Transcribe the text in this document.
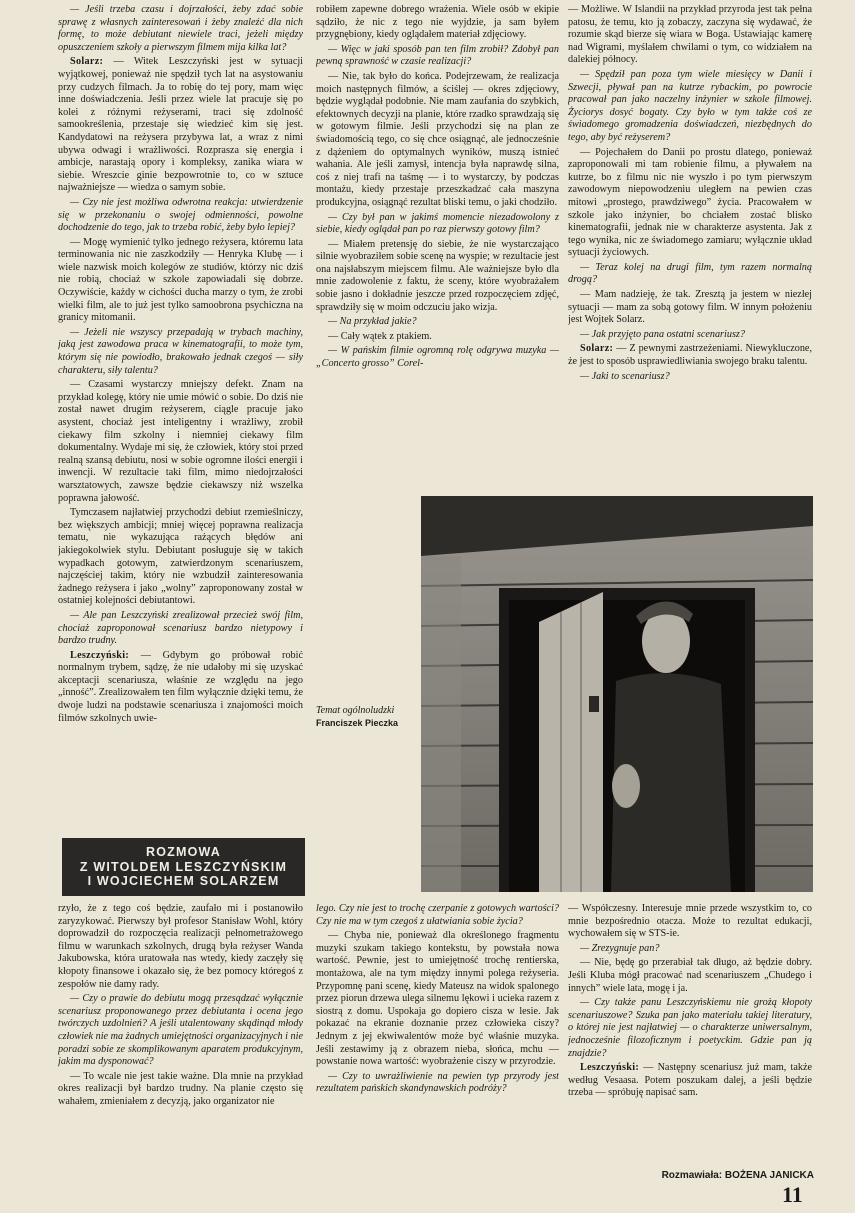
— Jeśli trzeba czasu i dojrzałości, żeby zdać sobie sprawę z własnych zainteresowań i żeby znaleźć dla nich formę, to może debiutant niewiele traci, jeżeli między opuszczeniem szkoły a pierwszym filmem mija kilka lat?

Solarz: — Witek Leszczyński jest w sytuacji wyjątkowej, ponieważ nie spędził tych lat na asystowaniu przy cudzych filmach. Ja to robię do tej pory, mam więc inne doświadczenia. Jeśli przez wiele lat pracuje się po kolei z różnymi reżyserami, traci się zdolność samookreślenia, przestaje się wiedzieć kim się jest. Kandydatowi na reżysera przybywa lat, a wraz z nimi ubywa odwagi i wrażliwości. Rozprasza się energia i ambicje, narastają opory i kompleksy, zanika wiara w siebie. Wreszcie ginie bezpowrotnie to, co w sztuce najważniejsze — wiedza o samym sobie.

— Czy nie jest możliwa odwrotna reakcja: utwierdzenie się w przekonaniu o swojej odmienności, powolne dochodzenie do tego, jak to trzeba robić, żeby było lepiej?

— Mogę wymienić tylko jednego reżysera, któremu lata terminowania nic nie zaszkodziły — Henryka Klubę — i wiele nazwisk moich kolegów ze studiów, którzy nic dziś nie robią, chociaż w szkole zapowiadali się dobrze. Oczywiście, każdy w cichości ducha marzy o tym, że zrobi wielki film, ale to już jest tylko samoobrona psychiczna na granicy mitomanii.

— Jeżeli nie wszyscy przepadają w trybach machiny, jaką jest zawodowa praca w kinematografii, to może tym, którym się nie powiodło, brakowało jednak czegoś — siły charakteru, siły talentu?

— Czasami wystarczy mniejszy defekt. Znam na przykład kolegę, który nie umie mówić o sobie. Do dziś nie został nawet drugim reżyserem, ciągle pracuje jako asystent, chociaż jest inteligentny i wrażliwy, zrobił ciekawy film szkolny i niemniej ciekawy film dokumentalny. Wydaje mi się, że człowiek, który stoi przed realną szansą debiutu, nosi w sobie ogromne ilości energii i inwencji. W rezultacie taki film, mimo niedojrzałości warsztatowych, zawsze będzie ciekawszy niż wszelka poprawna jałowość.

Tymczasem najłatwiej przychodzi debiut rzemieślniczy, bez większych ambicji; mniej więcej poprawna realizacja tematu, nie wykazująca rażących błędów ani jakiegokolwiek stylu. Debiutant posługuje się w takich wypadkach gotowym, zatwierdzonym scenariuszem, najczęściej takim, który nie wzbudził zainteresowania żadnego reżysera i jako „wolny” zaproponowany został w ostatniej kolejności debiutantowi.

— Ale pan Leszczyński zrealizował przecież swój film, chociaż zaproponował scenariusz bardzo nietypowy i bardzo trudny.

Leszczyński: — Gdybym go próbował robić normalnym trybem, sądzę, że nie udałoby mi się uzyskać akceptacji scenariusza, właśnie ze względu na jego „inność”. Zrealizowałem ten film wyłącznie dzięki temu, że dwoje ludzi na podstawie scenariusza i znajomości moich filmów szkolnych uwie-

robiłem zapewne dobrego wrażenia. Wiele osób w ekipie sądziło, że nic z tego nie wyjdzie, ja sam byłem przygnębiony, kiedy oglądałem materiał zdjęciowy.

— Więc w jaki sposób pan ten film zrobił? Zdobył pan pewną sprawność w czasie realizacji?

— Nie, tak było do końca. Podejrzewam, że realizacja moich następnych filmów, a ściślej — okres zdjęciowy, będzie wyglądał podobnie. Nie mam zaufania do szybkich, efektownych decyzji na planie, które rzadko sprawdzają się w gotowym filmie. Jeśli przychodzi się na plan ze świadomością tego, co się chce osiągnąć, ale jednocześnie z dążeniem do optymalnych wyników, muszą istnieć wahania. Ale jeśli zamysł, intencja była naprawdę silna, coś z niej trafi na taśmę — i to wystarczy, by podczas montażu, kiedy przestaje przeszkadzać cała maszyna produkcyjna, osiągnąć rezultat bliski temu, o jaki chodziło.

— Czy był pan w jakimś momencie niezadowolony z siebie, kiedy oglądał pan po raz pierwszy gotowy film?

— Miałem pretensję do siebie, że nie wystarczająco silnie wyobraziłem sobie scenę na wyspie; w rezultacie jest ona najsłabszym miejscem filmu. Ale ważniejsze było dla mnie zadowolenie z faktu, że sceny, które wyobrażałem sobie jasno i dokładnie jeszcze przed rozpoczęciem zdjęć, sprawdziły się w moim odczuciu jako wizja.

— Na przykład jakie?

— Cały wątek z ptakiem.

— W pańskim filmie ogromną rolę odgrywa muzyka — „Concerto grosso” Corel-

— Możliwe. W Islandii na przykład przyroda jest tak pełna patosu, że temu, kto ją zobaczy, zaczyna się wydawać, że rozumie skąd bierze się wiara w Boga. Ustawiając kamerę nad Wigrami, myślałem chwilami o tym, co widziałem na dalekiej północy.

— Spędził pan poza tym wiele miesięcy w Danii i Szwecji, pływał pan na kutrze rybackim, po powrocie pracował pan jako naczelny inżynier w szkole filmowej. Życiorys dosyć bogaty. Czy było w tym także coś ze świadomego gromadzenia doświadczeń, niezbędnych do tego, aby być reżyserem?

— Pojechałem do Danii po prostu dlatego, ponieważ zaproponowali mi tam robienie filmu, a pływałem na kutrze, bo z filmu nic nie wyszło i po tym pierwszym zawodowym niepowodzeniu uległem na pewien czas mitowi „prostego, prawdziwego” życia. Pracowałem w szkole jako inżynier, bo chciałem zostać blisko kinematografii, jednak nie w charakterze asystenta. Jak z tego wynika, nic ze świadomego zamiaru; wyłącznie układ sytuacji życiowych.

— Teraz kolej na drugi film, tym razem normalną drogą?

— Mam nadzieję, że tak. Zresztą ja jestem w niezłej sytuacji — mam za sobą gotowy film. W innym położeniu jest Wojtek Solarz.

— Jak przyjęto pana ostatni scenariusz?

Solarz: — Z pewnymi zastrzeżeniami. Niewykluczone, że jest to sposób usprawiedliwiania swojego braku talentu.

— Jaki to scenariusz?

Temat ogólnoludzki
Franciszek Pieczka
ROZMOWA
Z WITOLDEM LESZCZYŃSKIM
I WOJCIECHEM SOLARZEM

rzyło, że z tego coś będzie, zaufało mi i postanowiło zaryzykować. Pierwszy był profesor Stanisław Wohl, który doprowadził do rozpoczęcia realizacji pełnometrażowego filmu w warunkach szkolnych, drugą była reżyser Wanda Jakubowska, która uratowała nas wtedy, kiedy zaczęły się kłopoty finansowe i okazało się, że bez pomocy któregoś z zespołów nie damy rady.

— Czy o prawie do debiutu mogą przesądzać wyłącznie scenariusz proponowanego przez debiutanta i ocena jego twórczych uzdolnień? A jeśli utalentowany skądinąd młody człowiek nie ma żadnych umiejętności organizacyjnych i nie poradzi sobie ze skomplikowanym aparatem produkcyjnym, jakim ma dysponować?

— To wcale nie jest takie ważne. Dla mnie na przykład okres realizacji był bardzo trudny. Na planie często się wahałem, zmieniałem z decyzją, jako organizator nie

lego. Czy nie jest to trochę czerpanie z gotowych wartości? Czy nie ma w tym czegoś z ułatwiania sobie życia?

— Chyba nie, ponieważ dla określonego fragmentu muzyki szukam takiego kontekstu, by powstała nowa wartość. Pewnie, jest to umiejętność trochę rentierska, montażowa, ale na tym między innymi polega reżyseria. Przypomnę pani scenę, kiedy Mateusz na widok spalonego przez piorun drzewa ulega silnemu lękowi i ucieka razem z siostrą z domu. Uspokaja go dopiero cisza w lesie. Jak pokazać na ekranie doznanie przez człowieka ciszy? Jednym z jej ekwiwalentów może być właśnie muzyka. Jeśli zestawimy ją z obrazem nieba, słońca, mchu — powstanie nowa wartość: wyobrażenie ciszy w przyrodzie.

— Czy to uwrażliwienie na pewien typ przyrody jest rezultatem pańskich skandynawskich podróży?

— Współczesny. Interesuje mnie przede wszystkim to, co mnie bezpośrednio otacza. Może to rezultat edukacji, wychowałem się w STS-ie.

— Zrezygnuje pan?

— Nie, będę go przerabiał tak długo, aż będzie dobry. Jeśli Kluba mógł pracować nad scenariuszem „Chudego i innych” wiele lata, mogę i ja.

— Czy także panu Leszczyńskiemu nie grożą kłopoty scenariuszowe? Szuka pan jako materiału takiej literatury, o której nie jest najłatwiej — o charakterze uniwersalnym, jednocześnie filozoficznym i poetyckim. Gdzie pan ją znajdzie?

Leszczyński: — Następny scenariusz już mam, także według Vesaasa. Potem poszukam dalej, a jeśli będzie trzeba — spróbuję napisać sam.

Rozmawiała: BOŻENA JANICKA
11
